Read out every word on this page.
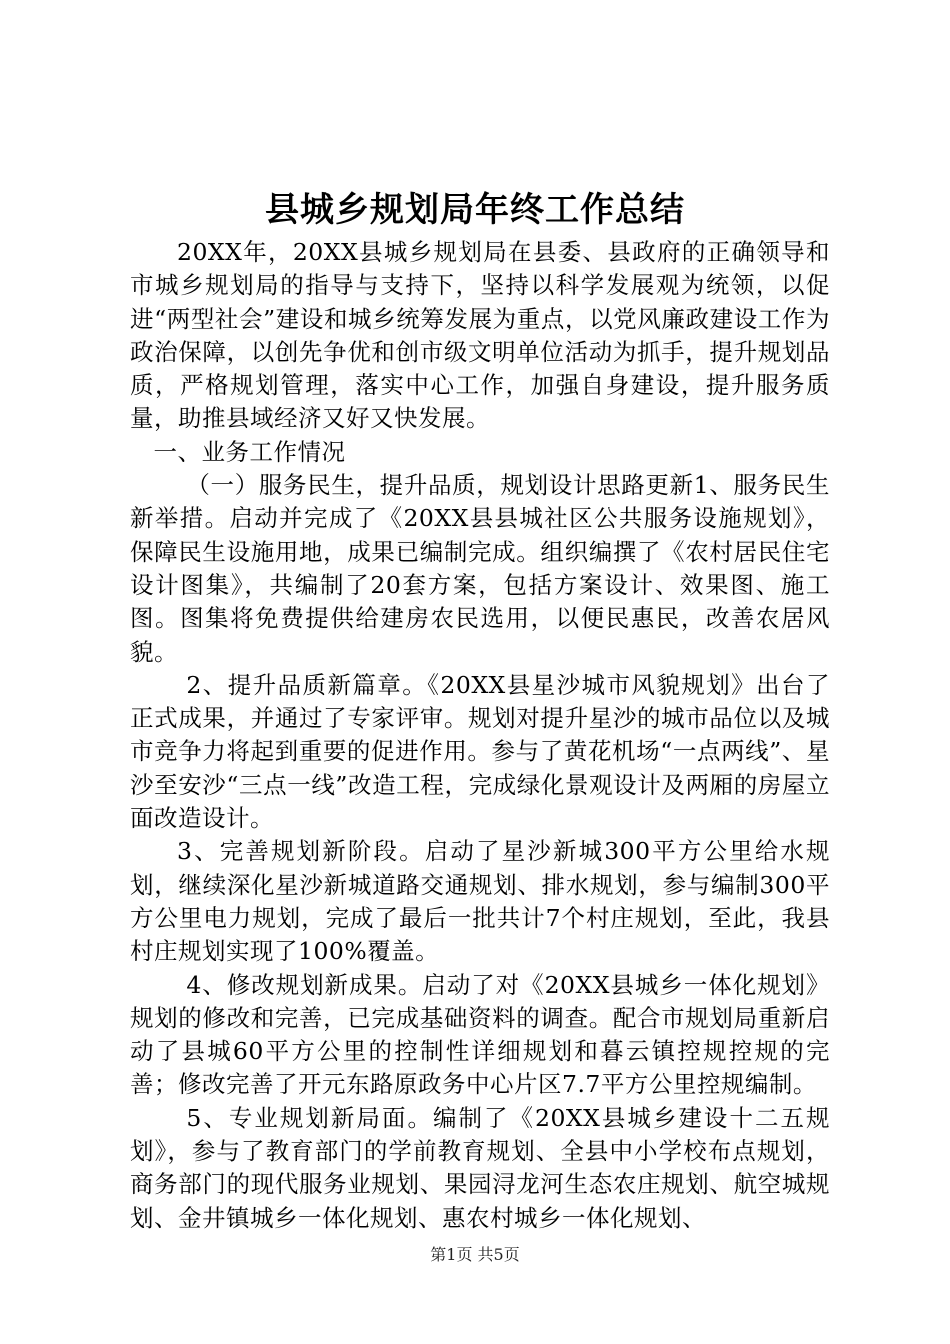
县城乡规划局年终工作总结

20XX年，20XX县城乡规划局在县委、县政府的正确领导和市城乡规划局的指导与支持下，坚持以科学发展观为统领，以促进“两型社会”建设和城乡统筹发展为重点，以党风廉政建设工作为政治保障，以创先争优和创市级文明单位活动为抓手，提升规划品质，严格规划管理，落实中心工作，加强自身建设，提升服务质量，助推县域经济又好又快发展。

一、业务工作情况

（一）服务民生，提升品质，规划设计思路更新1、服务民生新举措。启动并完成了《20XX县县城社区公共服务设施规划》，保障民生设施用地，成果已编制完成。组织编撰了《农村居民住宅设计图集》，共编制了20套方案，包括方案设计、效果图、施工图。图集将免费提供给建房农民选用，以便民惠民，改善农居风貌。

2、提升品质新篇章。《20XX县星沙城市风貌规划》出台了正式成果，并通过了专家评审。规划对提升星沙的城市品位以及城市竞争力将起到重要的促进作用。参与了黄花机场“一点两线”、星沙至安沙“三点一线”改造工程，完成绿化景观设计及两厢的房屋立面改造设计。

3、完善规划新阶段。启动了星沙新城300平方公里给水规划，继续深化星沙新城道路交通规划、排水规划，参与编制300平方公里电力规划，完成了最后一批共计7个村庄规划，至此，我县村庄规划实现了100%覆盖。

4、修改规划新成果。启动了对《20XX县城乡一体化规划》规划的修改和完善，已完成基础资料的调查。配合市规划局重新启动了县城60平方公里的控制性详细规划和暮云镇控规控规的完善；修改完善了开元东路原政务中心片区7.7平方公里控规编制。

5、专业规划新局面。编制了《20XX县城乡建设十二五规划》，参与了教育部门的学前教育规划、全县中小学校布点规划，商务部门的现代服务业规划、果园浔龙河生态农庄规划、航空城规划、金井镇城乡一体化规划、惠农村城乡一体化规划、

第1页 共5页
